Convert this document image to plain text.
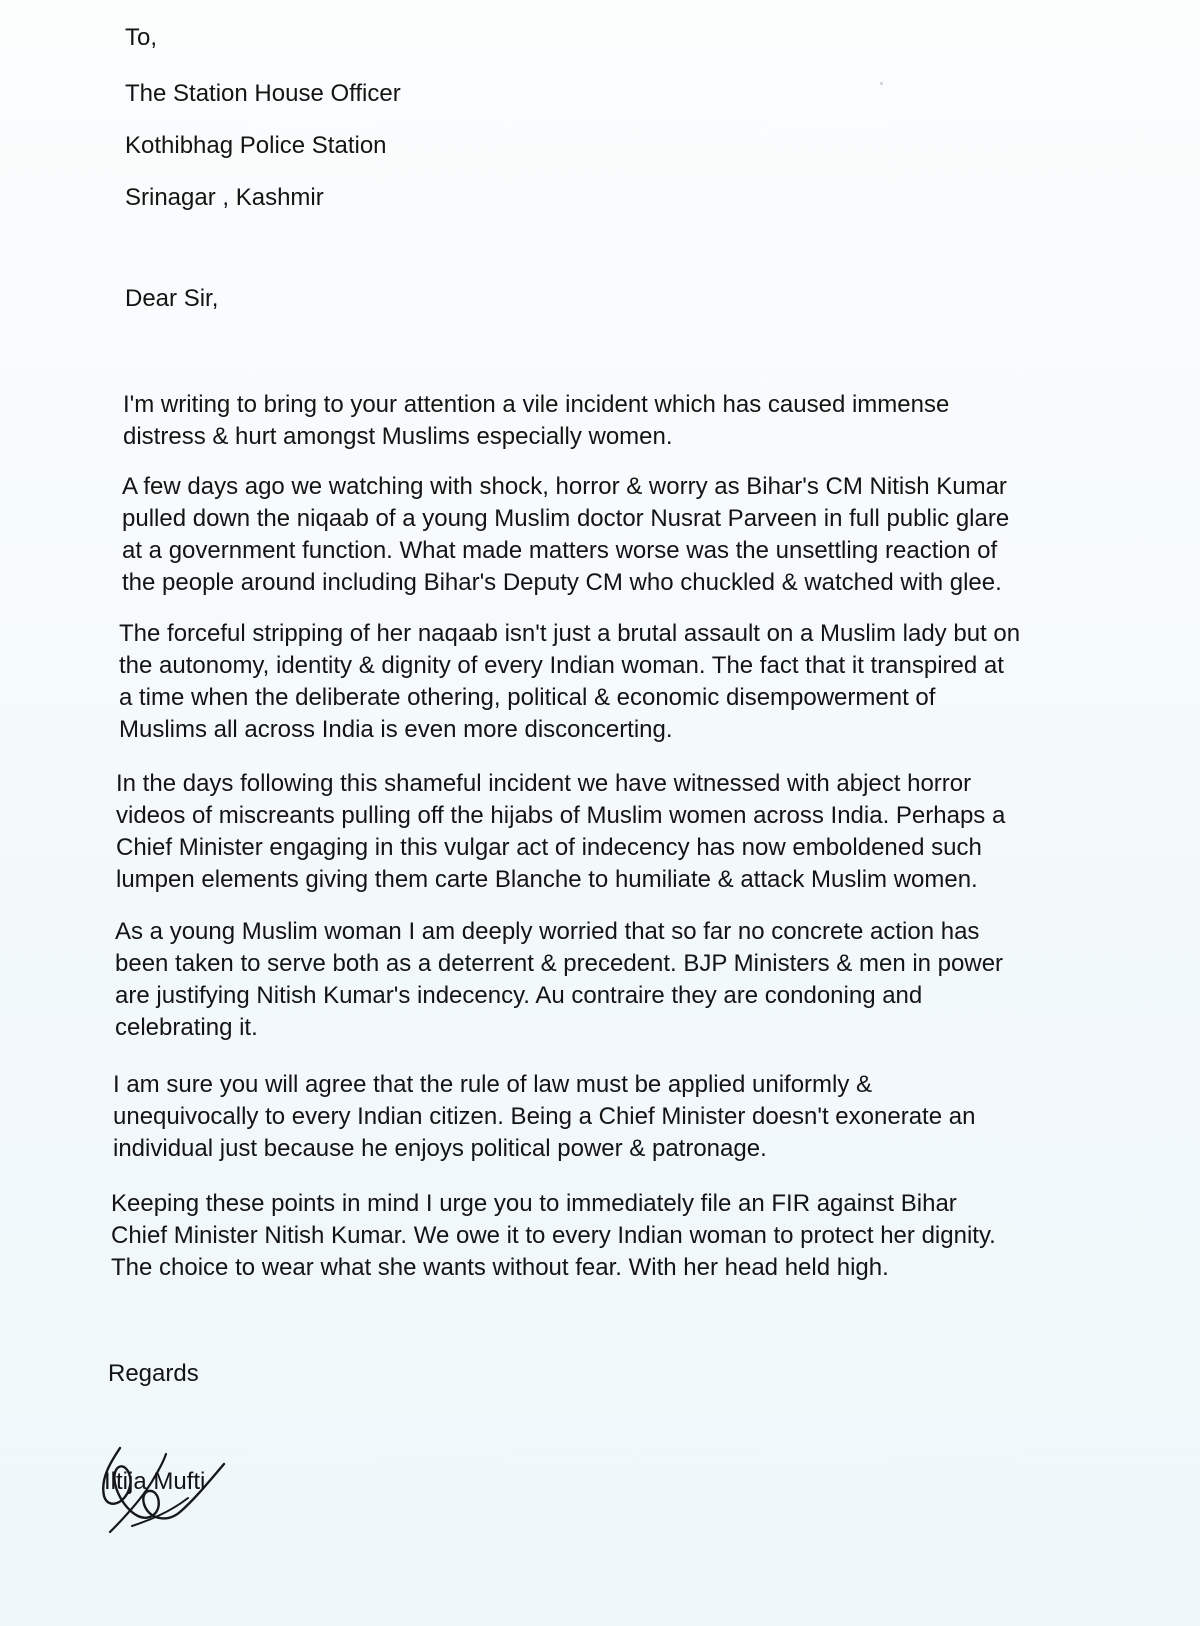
To,

The Station House Officer

Kothibhag Police Station

Srinagar , Kashmir

Dear Sir,

I'm writing to bring to your attention a vile incident which has caused immense
distress & hurt amongst Muslims especially women.
A few days ago we watching with shock, horror & worry as Bihar's CM Nitish Kumar
pulled down the niqaab of a young Muslim doctor Nusrat Parveen in full public glare
at a government function. What made matters worse was the unsettling reaction of
the people around including Bihar's Deputy CM who chuckled & watched with glee.
The forceful stripping of her naqaab isn't just a brutal assault on a Muslim lady but on
the autonomy, identity & dignity of every Indian woman. The fact that it transpired at
a time when the deliberate othering, political & economic disempowerment of
Muslims all across India is even more disconcerting.
In the days following this shameful incident we have witnessed with abject horror
videos of miscreants pulling off the hijabs of Muslim women across India. Perhaps a
Chief Minister engaging in this vulgar act of indecency has now emboldened such
lumpen elements giving them carte Blanche to humiliate & attack Muslim women.
As a young Muslim woman I am deeply worried that so far no concrete action has
been taken to serve both as a deterrent & precedent. BJP Ministers & men in power
are justifying Nitish Kumar's indecency. Au contraire they are condoning and
celebrating it.
I am sure you will agree that the rule of law must be applied uniformly &
unequivocally to every Indian citizen. Being a Chief Minister doesn't exonerate an
individual just because he enjoys political power & patronage.
Keeping these points in mind I urge you to immediately file an FIR against Bihar
Chief Minister Nitish Kumar. We owe it to every Indian woman to protect her dignity.
The choice to wear what she wants without fear. With her head held high.

Regards

Iltija Mufti
